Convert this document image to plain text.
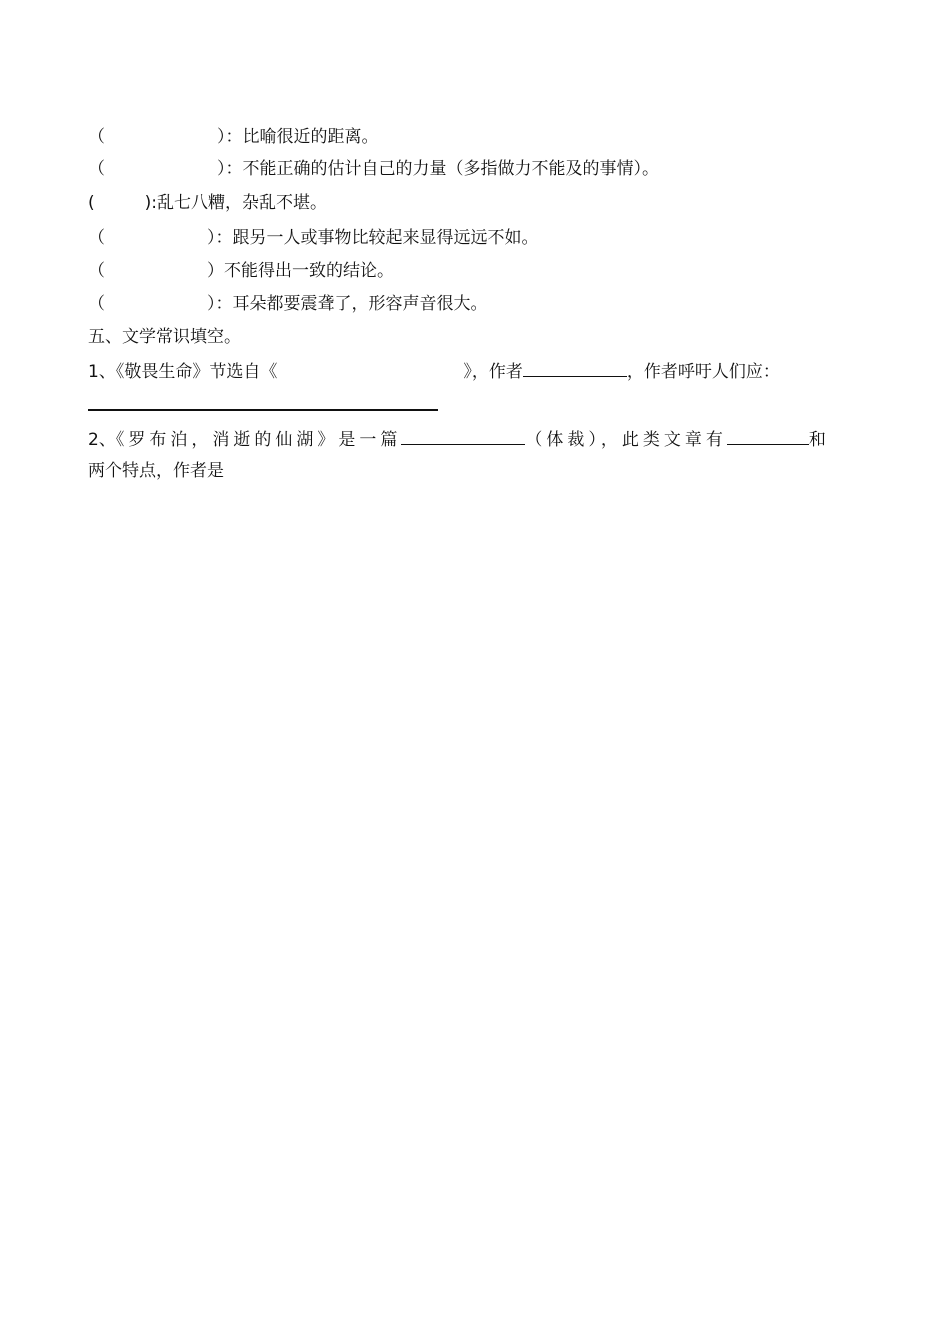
（	）：比喻很近的距离。
（	）：不能正确的估计自己的力量（多指做力不能及的事情）。
(	):乱七八糟，杂乱不堪。
（	）：跟另一人或事物比较起来显得远远不如。
（	）不能得出一致的结论。
（	）：耳朵都要震聋了，形容声音很大。
五、文学常识填空。
1、《敬畏生命》节选自《	》，作者	，作者呼吁人们应：
2、《罗布泊，消逝的仙湖》是一篇	（体裁），此类文章有	和
两个特点，作者是
